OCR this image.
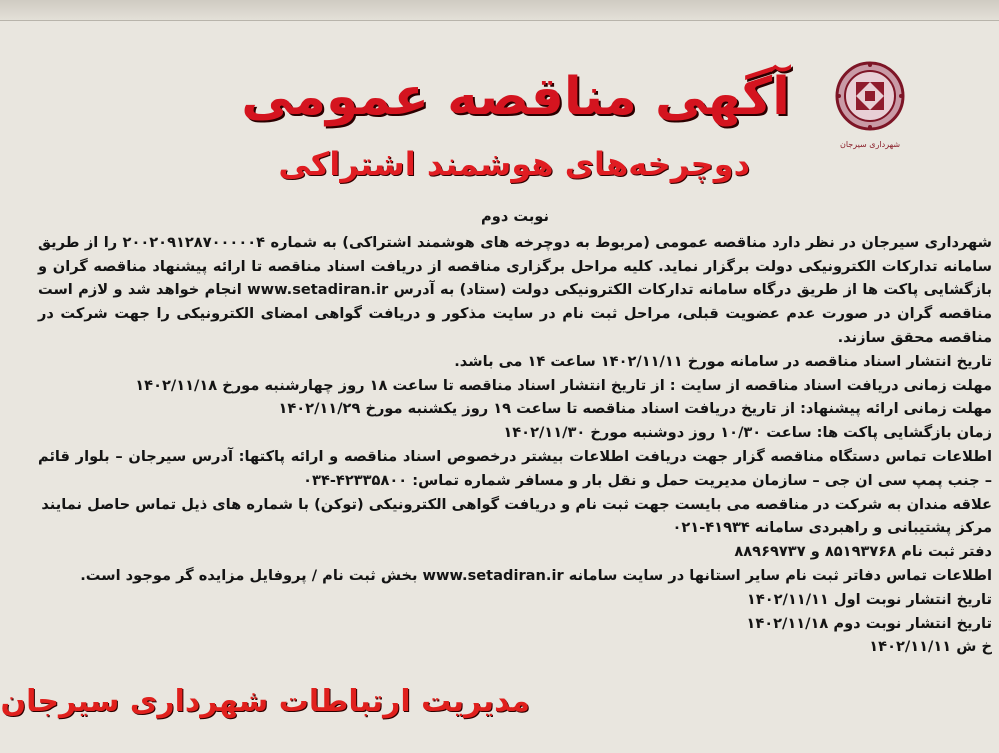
شهرداری سیرجان
آگهی مناقصه عمومی
دوچرخه‌های هوشمند اشتراکی

نوبت دوم

شهرداری سیرجان در نظر دارد مناقصه عمومی (مربوط به دوچرخه های هوشمند اشتراکی) به شماره ۲۰۰۲۰۹۱۲۸۷۰۰۰۰۰۴ را از طریق سامانه تدارکات الکترونیکی دولت برگزار نماید. کلیه مراحل برگزاری مناقصه از دریافت اسناد مناقصه تا ارائه پیشنهاد مناقصه گران و بازگشایی پاکت ها از طریق درگاه سامانه تدارکات الکترونیکی دولت (ستاد) به آدرس www.setadiran.ir انجام خواهد شد و لازم است مناقصه گران در صورت عدم عضویت قبلی، مراحل ثبت نام در سایت مذکور و دریافت گواهی امضای الکترونیکی را جهت شرکت در مناقصه محقق سازند.

تاریخ انتشار اسناد مناقصه در سامانه مورخ ۱۴۰۲/۱۱/۱۱ ساعت ۱۴ می باشد.

مهلت زمانی دریافت اسناد مناقصه از سایت : از تاریخ انتشار اسناد مناقصه تا ساعت ۱۸ روز چهارشنبه مورخ ۱۴۰۲/۱۱/۱۸

مهلت زمانی ارائه پیشنهاد: از تاریخ دریافت اسناد مناقصه تا ساعت ۱۹ روز یکشنبه مورخ ۱۴۰۲/۱۱/۲۹

زمان بازگشایی پاکت ها: ساعت ۱۰/۳۰ روز دوشنبه مورخ ۱۴۰۲/۱۱/۳۰

اطلاعات تماس دستگاه مناقصه گزار جهت دریافت اطلاعات بیشتر درخصوص اسناد مناقصه و ارائه پاکتها: آدرس سیرجان – بلوار قائم – جنب پمپ سی ان جی – سازمان مدیریت حمل و نقل بار و مسافر شماره تماس: ۴۲۳۳۵۸۰۰-۰۳۴

علاقه مندان به شرکت در مناقصه می بایست جهت ثبت نام و دریافت گواهی الکترونیکی (توکن) با شماره های ذیل تماس حاصل نمایند

مرکز پشتیبانی و راهبردی سامانه ۴۱۹۳۴-۰۲۱

دفتر ثبت نام ۸۵۱۹۳۷۶۸ و ۸۸۹۶۹۷۳۷

اطلاعات تماس دفاتر ثبت نام سایر استانها در سایت سامانه www.setadiran.ir بخش ثبت نام / پروفایل مزایده گر موجود است.

تاریخ انتشار نوبت اول ۱۴۰۲/۱۱/۱۱

تاریخ انتشار نوبت دوم ۱۴۰۲/۱۱/۱۸

خ ش ۱۴۰۲/۱۱/۱۱

مدیریت ارتباطات شهرداری سیرجان
